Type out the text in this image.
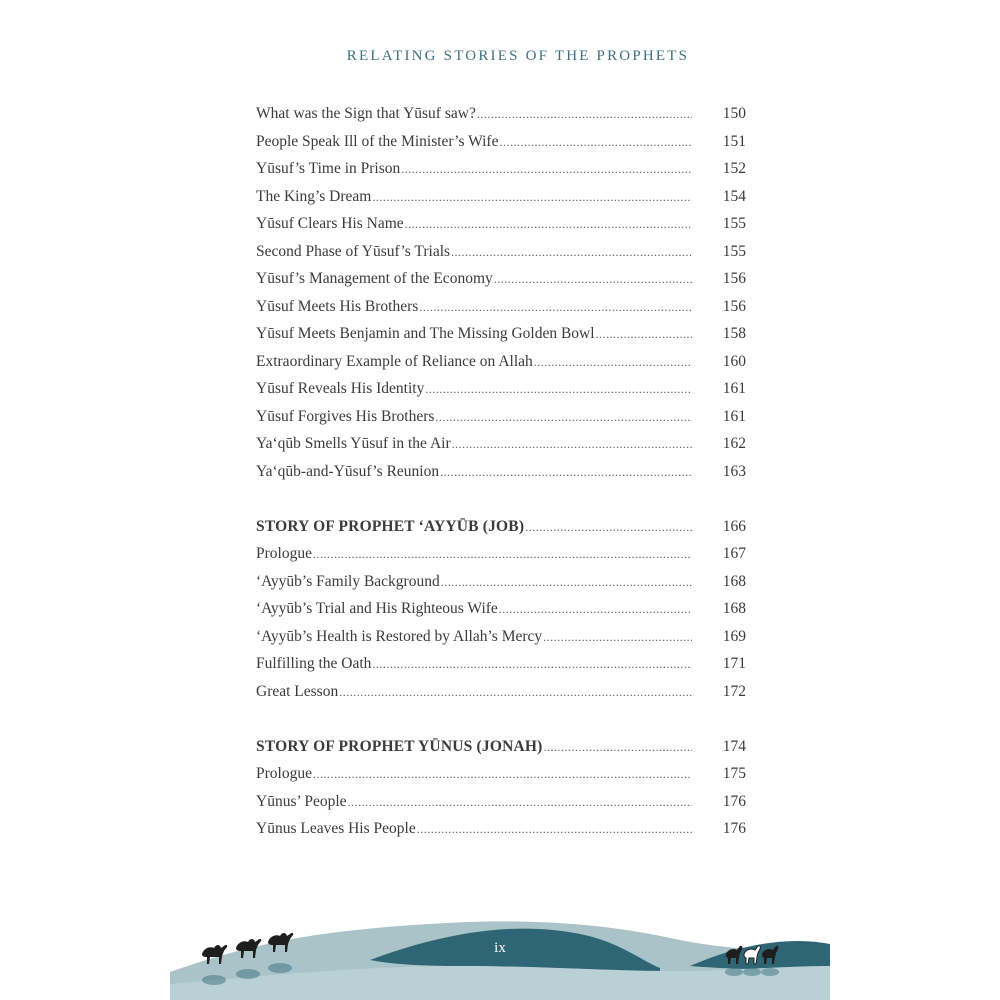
RELATING STORIES OF THE PROPHETS
What was the Sign that Yūsuf saw? .....	150
People Speak Ill of the Minister’s Wife .....	151
Yūsuf’s Time in Prison .....	152
The King’s Dream .....	154
Yūsuf Clears His Name .....	155
Second Phase of Yūsuf’s Trials .....	155
Yūsuf’s Management of the Economy .....	156
Yūsuf Meets His Brothers .....	156
Yūsuf Meets Benjamin and The Missing Golden Bowl .....	158
Extraordinary Example of Reliance on Allah .....	160
Yūsuf Reveals His Identity .....	161
Yūsuf Forgives His Brothers .....	161
Ya‘qūb Smells Yūsuf in the Air .....	162
Ya‘qūb-and-Yūsuf’s Reunion .....	163
STORY OF PROPHET ‘AYYŪB (JOB) .....	166
Prologue .....	167
‘Ayyūb’s Family Background .....	168
‘Ayyūb’s Trial and His Righteous Wife .....	168
‘Ayyūb’s Health is Restored by Allah’s Mercy .....	169
Fulfilling the Oath .....	171
Great Lesson .....	172
STORY OF PROPHET YŪNUS (JONAH) .....	174
Prologue .....	175
Yūnus’ People .....	176
Yūnus Leaves His People .....	176
ix
